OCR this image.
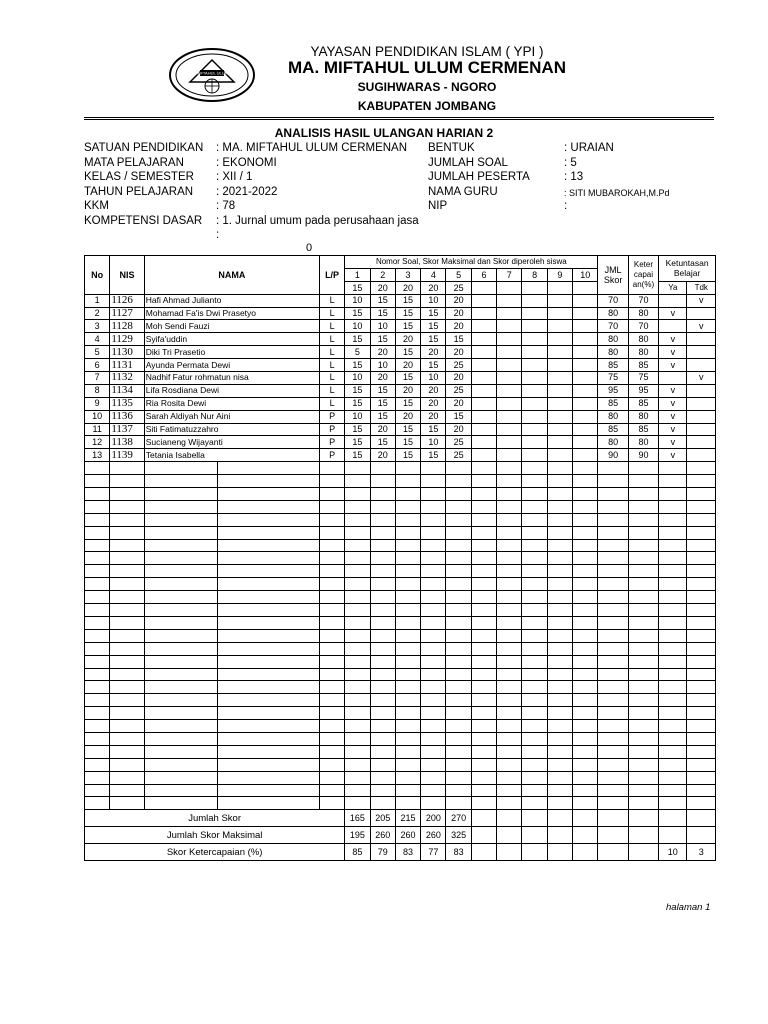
MIFTAHUL ULUM
YAYASAN PENDIDIKAN ISLAM ( YPI )
MA. MIFTAHUL ULUM CERMENAN
SUGIHWARAS - NGORO
KABUPATEN JOMBANG
ANALISIS HASIL ULANGAN HARIAN 2
SATUAN PENDIDIKAN : MA. MIFTAHUL ULUM CERMENAN
MATA PELAJARAN	: EKONOMI
KELAS / SEMESTER : XII / 1
TAHUN PELAJARAN : 2021-2022
KKM	: 78
KOMPETENSI DASAR : 1. Jurnal umum pada perusahaan jasa
:
BENTUK	: URAIAN
JUMLAH SOAL	: 5
JUMLAH PESERTA	: 13
NAMA GURU	: SITI MUBAROKAH,M.Pd
NIP	:
0
No	NIS	NAMA		L/P	Nomor Soal, Skor Maksimal dan Skor diperoleh siswa										JML Skor	Keter capai an(%)	Ketuntasan Belajar	
					1	2	3	4	5	6	7	8	9	10				
					15	20	20	20	25								Ya	Tdk
1	1126	Hafi Ahmad Julianto		L	10	15	15	10	20						70	70		v
2	1127	Mohamad Fa'is Dwi Prasetyo		L	15	15	15	15	20						80	80	v	
3	1128	Moh Sendi Fauzi		L	10	10	15	15	20						70	70		v
4	1129	Syifa'uddin		L	15	15	20	15	15						80	80	v	
5	1130	Diki Tri Prasetio		L	5	20	15	20	20						80	80	v	
6	1131	Ayunda Permata Dewi		L	15	10	20	15	25						85	85	v	
7	1132	Nadhif Fatur rohmatun nisa		L	10	20	15	10	20						75	75		v
8	1134	Lifa Rosdiana Dewi		L	15	15	20	20	25						95	95	v	
9	1135	Ria Rosita Dewi		L	15	15	15	20	20						85	85	v	
10	1136	Sarah Aldiyah Nur Aini		P	10	15	20	20	15						80	80	v	
11	1137	Siti Fatimatuzzahro		P	15	20	15	15	20						85	85	v	
12	1138	Sucianeng Wijayanti		P	15	15	15	10	25						80	80	v	
13	1139	Tetania Isabella		P	15	20	15	15	25						90	90	v	

Jumlah Skor					165	205	215	200	270									
Jumlah Skor Maksimal					195	260	260	260	325									
Skor Ketercapaian (%)					85	79	83	77	83								10	3
halaman 1
